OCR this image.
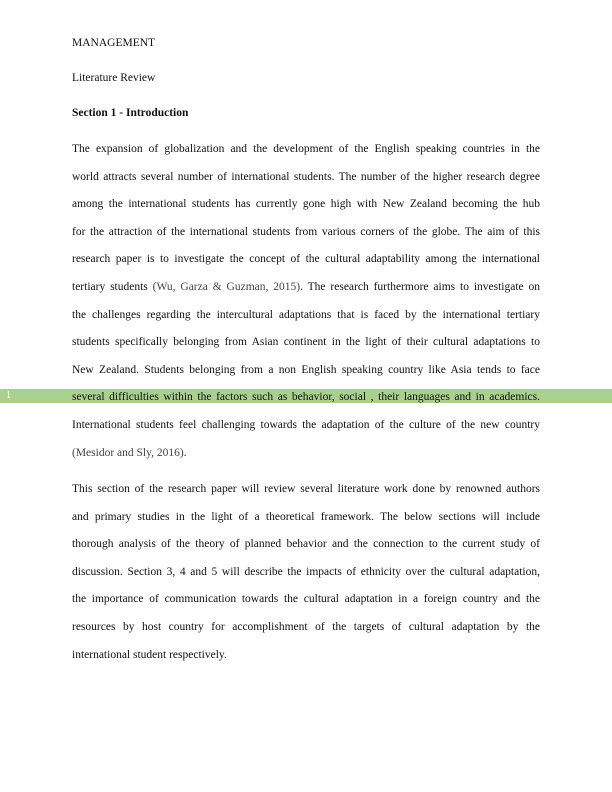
MANAGEMENT
Literature Review
Section 1 - Introduction
1
The expansion of globalization and the development of the English speaking countries in the
world attracts several number of international students. The number of the higher research degree
among the international students has currently gone high with New Zealand becoming the hub
for the attraction of the international students from various corners of the globe. The aim of this
research paper is to investigate the concept of the cultural adaptability among the international
tertiary students (Wu, Garza & Guzman, 2015). The research furthermore aims to investigate on
the challenges regarding the intercultural adaptations that is faced by the international tertiary
students specifically belonging from Asian continent in the light of their cultural adaptations to
New Zealand. Students belonging from a non English speaking country like Asia tends to face
several difficulties within the factors such as behavior, social , their languages and in academics.
International students feel challenging towards the adaptation of the culture of the new country
(Mesidor and Sly, 2016).
This section of the research paper will review several literature work done by renowned authors
and primary studies in the light of a theoretical framework. The below sections will include
thorough analysis of the theory of planned behavior and the connection to the current study of
discussion. Section 3, 4 and 5 will describe the impacts of ethnicity over the cultural adaptation,
the importance of communication towards the cultural adaptation in a foreign country and the
resources by host country for accomplishment of the targets of cultural adaptation by the
international student respectively.
